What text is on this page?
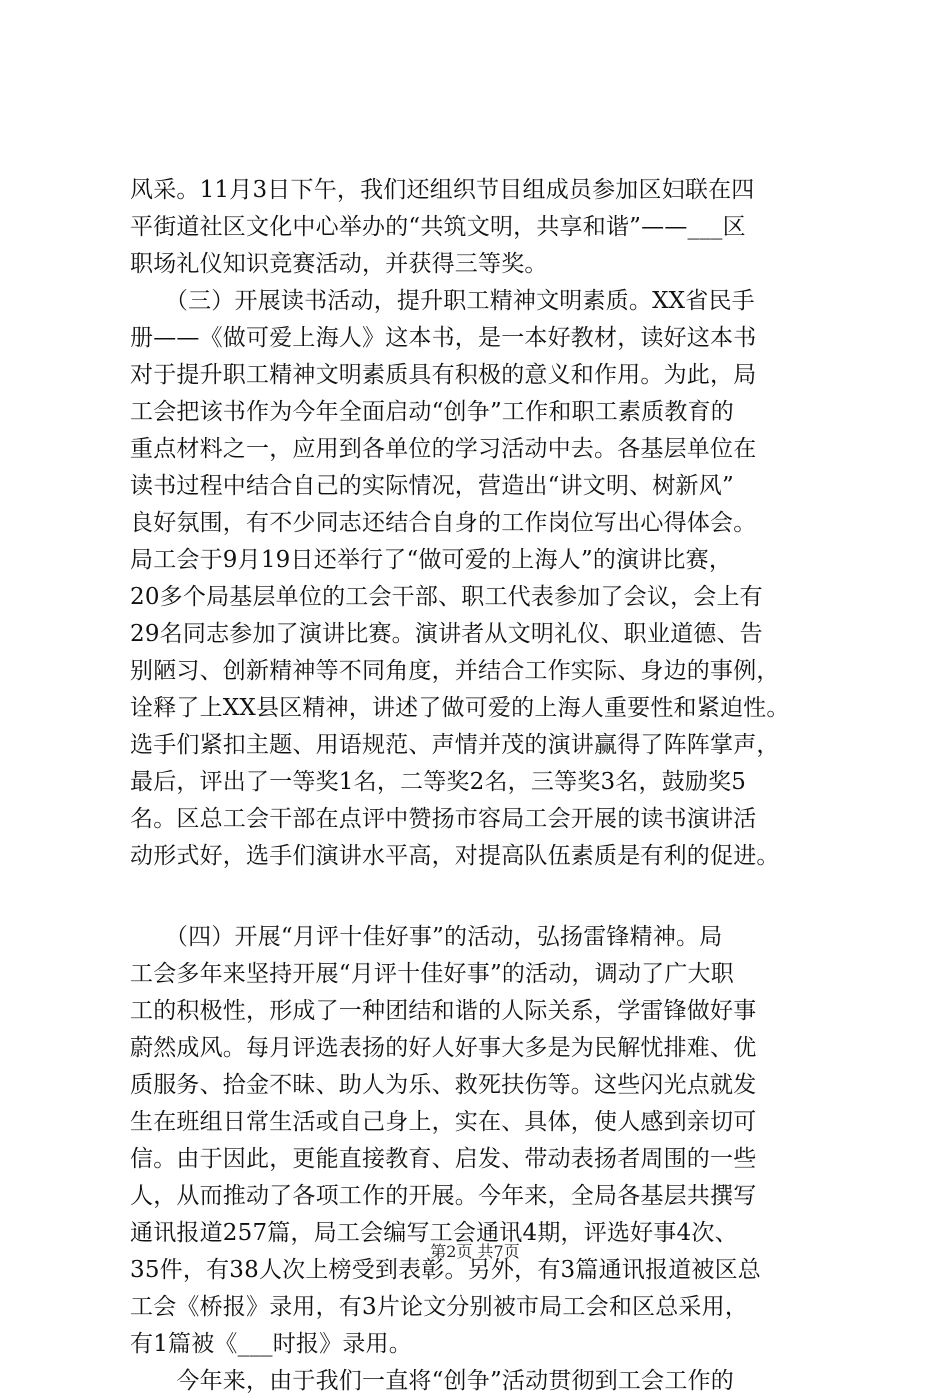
风采。11月3日下午，我们还组织节目组成员参加区妇联在四
平街道社区文化中心举办的“共筑文明，共享和谐”——___区
职场礼仪知识竞赛活动，并获得三等奖。
　　（三）开展读书活动，提升职工精神文明素质。XX省民手
册——《做可爱上海人》这本书，是一本好教材，读好这本书
对于提升职工精神文明素质具有积极的意义和作用。为此，局
工会把该书作为今年全面启动“创争”工作和职工素质教育的
重点材料之一，应用到各单位的学习活动中去。各基层单位在
读书过程中结合自己的实际情况，营造出“讲文明、树新风”
良好氛围，有不少同志还结合自身的工作岗位写出心得体会。
局工会于9月19日还举行了“做可爱的上海人”的演讲比赛，
20多个局基层单位的工会干部、职工代表参加了会议，会上有
29名同志参加了演讲比赛。演讲者从文明礼仪、职业道德、告
别陋习、创新精神等不同角度，并结合工作实际、身边的事例，
诠释了上XX县区精神，讲述了做可爱的上海人重要性和紧迫性。
选手们紧扣主题、用语规范、声情并茂的演讲赢得了阵阵掌声，
最后，评出了一等奖1名，二等奖2名，三等奖3名，鼓励奖5
名。区总工会干部在点评中赞扬市容局工会开展的读书演讲活
动形式好，选手们演讲水平高，对提高队伍素质是有利的促进。
　　（四）开展“月评十佳好事”的活动，弘扬雷锋精神。局
工会多年来坚持开展“月评十佳好事”的活动，调动了广大职
工的积极性，形成了一种团结和谐的人际关系，学雷锋做好事
蔚然成风。每月评选表扬的好人好事大多是为民解忧排难、优
质服务、拾金不昧、助人为乐、救死扶伤等。这些闪光点就发
生在班组日常生活或自己身上，实在、具体，使人感到亲切可
信。由于因此，更能直接教育、启发、带动表扬者周围的一些
人，从而推动了各项工作的开展。今年来，全局各基层共撰写
通讯报道257篇，局工会编写工会通讯4期，评选好事4次、
35件，有38人次上榜受到表彰。另外，有3篇通讯报道被区总
工会《桥报》录用，有3片论文分别被市局工会和区总采用，
有1篇被《___时报》录用。
　　今年来，由于我们一直将“创争”活动贯彻到工会工作的
第2页 共7页
